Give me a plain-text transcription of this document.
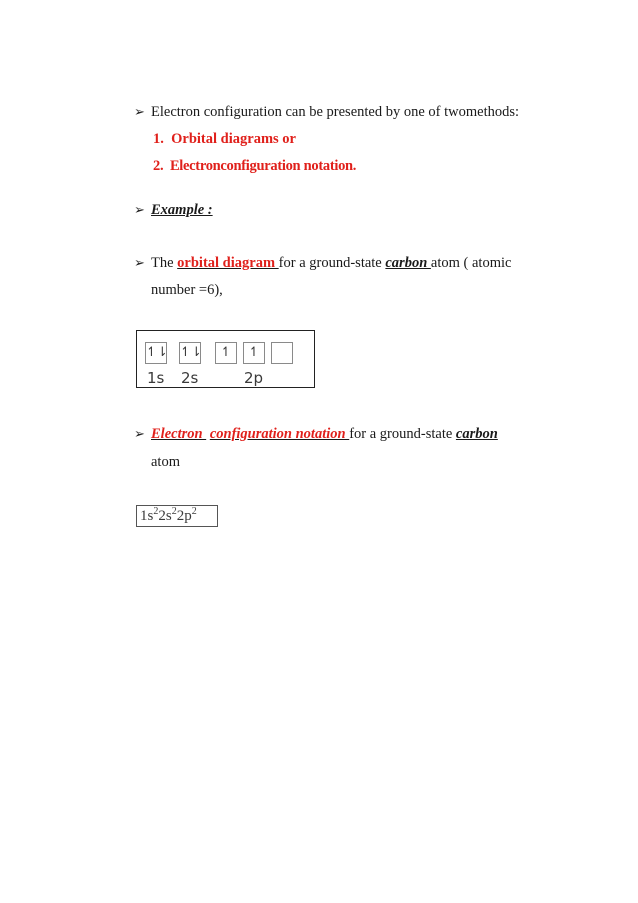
➢ Electron configuration can be presented by one of twomethods:
1. Orbital diagrams or
2. Electronconfiguration notation.
➢ Example :
➢ The orbital diagram for a ground-state carbon atom ( atomic
number =6),
↿⇂ ↿⇂	↿	↿
1s 2s	2p
➢ Electron  configuration notation for a ground-state carbon
atom
$1s^22s^22p^2$
